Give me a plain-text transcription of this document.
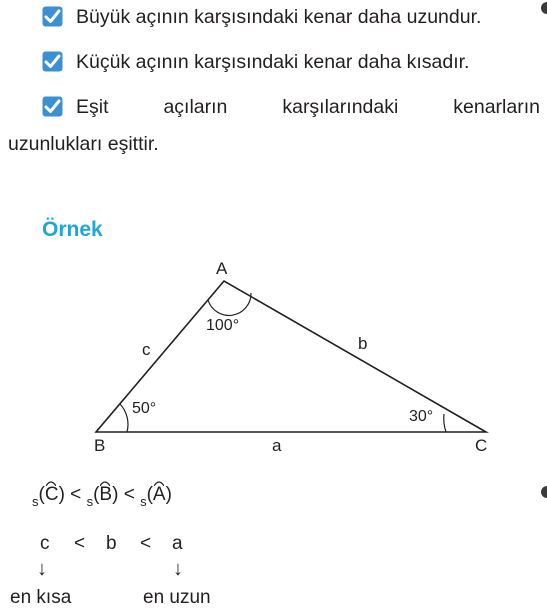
Büyük açının karşısındaki kenar daha uzundur.
Küçük açının karşısındaki kenar daha kısadır.
Eşit	açıların	karşılarındaki	kenarların
uzunlukları eşittir.
Örnek
A
B	C
c	b
a
100°
50°	30°
$_s$(
C) < $_s$(
B) < $_s$(
A)
c < b < a
↓	↓
en kısa	en uzun
